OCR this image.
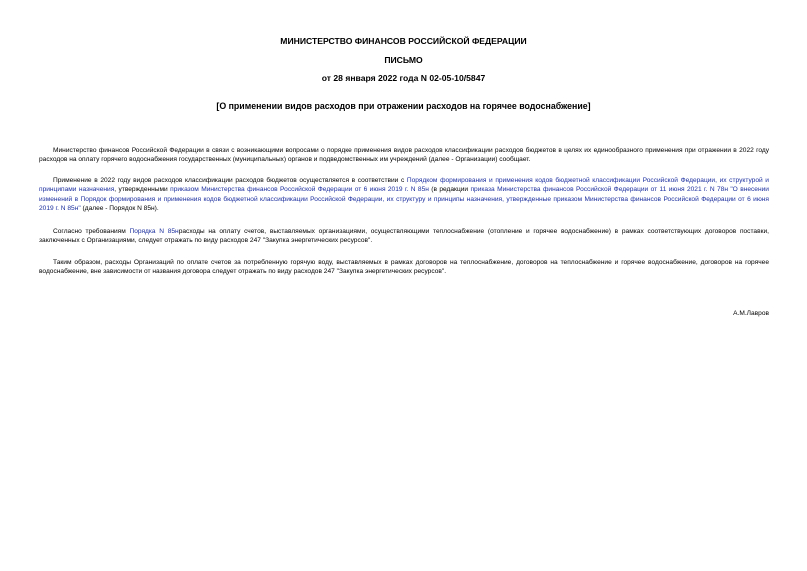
МИНИСТЕРСТВО ФИНАНСОВ РОССИЙСКОЙ ФЕДЕРАЦИИ
ПИСЬМО
от 28 января 2022 года N 02-05-10/5847
[О применении видов расходов при отражении расходов на горячее водоснабжение]

Министерство финансов Российской Федерации в связи с возникающими вопросами о порядке применения видов расходов классификации расходов бюджетов в целях их единообразного применения при отражении в 2022 году расходов на оплату горячего водоснабжения государственных (муниципальных) органов и подведомственных им учреждений (далее - Организации) сообщает.

Применение в 2022 году видов расходов классификации расходов бюджетов осуществляется в соответствии с Порядком формирования и применения кодов бюджетной классификации Российской Федерации, их структурой и принципами назначения, утвержденными приказом Министерства финансов Российской Федерации от 6 июня 2019 г. N 85н (в редакции приказа Министерства финансов Российской Федерации от 11 июня 2021 г. N 78н "О внесении изменений в Порядок формирования и применения кодов бюджетной классификации Российской Федерации, их структуру и принципы назначения, утвержденные приказом Министерства финансов Российской Федерации от 6 июня 2019 г. N 85н" (далее - Порядок N 85н).

Согласно требованиям Порядка N 85нрасходы на оплату счетов, выставляемых организациями, осуществляющими теплоснабжение (отопление и горячее водоснабжение) в рамках соответствующих договоров поставки, заключенных с Организациями, следует отражать по виду расходов 247 "Закупка энергетических ресурсов".

Таким образом, расходы Организаций по оплате счетов за потребленную горячую воду, выставляемых в рамках договоров на теплоснабжение, договоров на теплоснабжение и горячее водоснабжение, договоров на горячее водоснабжение, вне зависимости от названия договора следует отражать по виду расходов 247 "Закупка энергетических ресурсов".

А.М.Лавров
